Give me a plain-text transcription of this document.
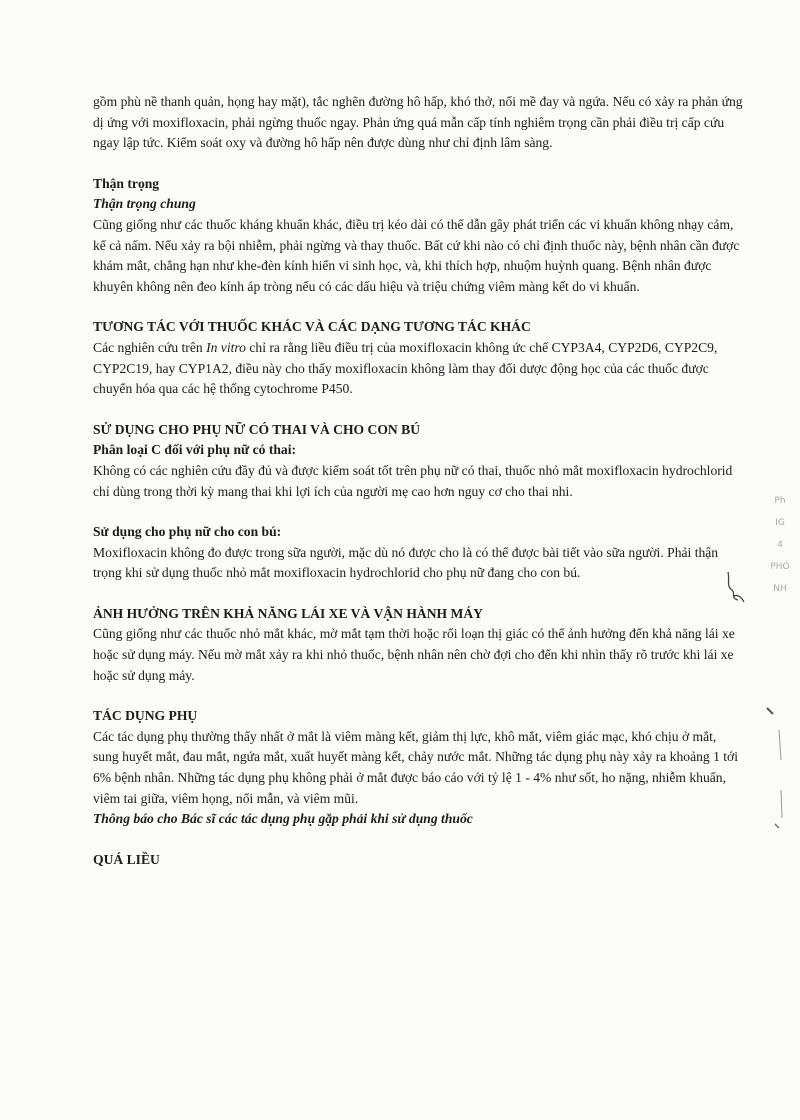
gồm phù nề thanh quản, họng hay mặt), tắc nghẽn đường hô hấp, khó thở, nổi mề đay và ngứa. Nếu có xảy ra phản ứng dị ứng với moxifloxacin, phải ngừng thuốc ngay. Phản ứng quá mẫn cấp tính nghiêm trọng cần phải điều trị cấp cứu ngay lập tức. Kiểm soát oxy và đường hô hấp nên được dùng như chỉ định lâm sàng.

Thận trọng

Thận trọng chung

Cũng giống như các thuốc kháng khuẩn khác, điều trị kéo dài có thể dẫn gây phát triển các vi khuẩn không nhạy cảm, kể cả nấm. Nếu xảy ra bội nhiễm, phải ngừng và thay thuốc. Bất cứ khi nào có chỉ định thuốc này, bệnh nhân cần được khám mắt, chẳng hạn như khe-đèn kính hiển vi sinh học, và, khi thích hợp, nhuộm huỳnh quang. Bệnh nhân được khuyên không nên đeo kính áp tròng nếu có các dấu hiệu và triệu chứng viêm màng kết do vi khuẩn.

TƯƠNG TÁC VỚI THUỐC KHÁC VÀ CÁC DẠNG TƯƠNG TÁC KHÁC

Các nghiên cứu trên In vitro chỉ ra rằng liều điều trị của moxifloxacin không ức chế CYP3A4, CYP2D6, CYP2C9, CYP2C19, hay CYP1A2, điều này cho thấy moxifloxacin không làm thay đổi dược động học của các thuốc được chuyển hóa qua các hệ thống cytochrome P450.

SỬ DỤNG CHO PHỤ NỮ CÓ THAI VÀ CHO CON BÚ

Phân loại C đối với phụ nữ có thai:

Không có các nghiên cứu đầy đủ và được kiểm soát tốt trên phụ nữ có thai, thuốc nhỏ mắt moxifloxacin hydrochlorid chỉ dùng trong thời kỳ mang thai khi lợi ích của người mẹ cao hơn nguy cơ cho thai nhi.

Sử dụng cho phụ nữ cho con bú:

Moxifloxacin không đo được trong sữa người, mặc dù nó được cho là có thể được bài tiết vào sữa người. Phải thận trọng khi sử dụng thuốc nhỏ mắt moxifloxacin hydrochlorid cho phụ nữ đang cho con bú.

ẢNH HƯỞNG TRÊN KHẢ NĂNG LÁI XE VÀ VẬN HÀNH MÁY

Cũng giống như các thuốc nhỏ mắt khác, mờ mắt tạm thời hoặc rối loạn thị giác có thể ảnh hưởng đến khả năng lái xe hoặc sử dụng máy. Nếu mờ mắt xảy ra khi nhỏ thuốc, bệnh nhân nên chờ đợi cho đến khi nhìn thấy rõ trước khi lái xe hoặc sử dụng máy.

TÁC DỤNG PHỤ

Các tác dụng phụ thường thấy nhất ở mắt là viêm màng kết, giảm thị lực, khô mắt, viêm giác mạc, khó chịu ở mắt, sung huyết mắt, đau mắt, ngứa mắt, xuất huyết màng kết, chảy nước mắt. Những tác dụng phụ này xảy ra khoảng 1 tới 6% bệnh nhân. Những tác dụng phụ không phải ở mắt được báo cáo với tỷ lệ 1 - 4% như sốt, ho nặng, nhiễm khuẩn, viêm tai giữa, viêm họng, nổi mẫn, và viêm mũi.

Thông báo cho Bác sĩ các tác dụng phụ gặp phải khi sử dụng thuốc

QUÁ LIỀU

Ph
IG
4
PHÓ
NH
